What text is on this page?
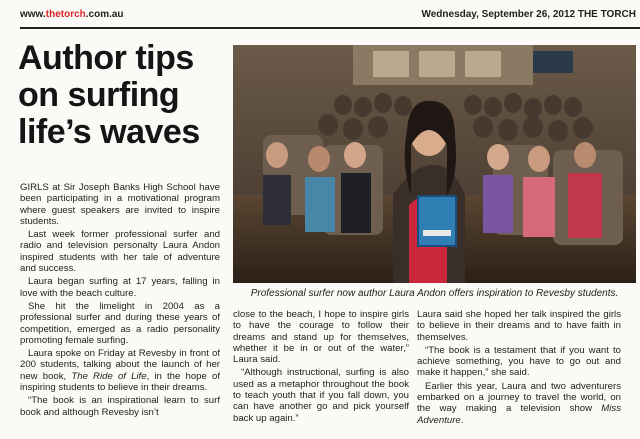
www.thetorch.com.au	Wednesday, September 26, 2012 THE TORCH
Author tips on surfing life’s waves

GIRLS at Sir Joseph Banks High School have been participating in a motivational program where guest speakers are invited to inspire students.

Last week former professional surfer and radio and television personalty Laura Andon inspired students with her tale of adventure and success.

Laura began surfing at 17 years, falling in love with the beach culture.

She hit the limelight in 2004 as a professional surfer and during these years of competition, emerged as a radio personality promoting female surfing.

Laura spoke on Friday at Revesby in front of 200 students, talking about the launch of her new book, The Ride of Life, in the hope of inspiring students to believe in their dreams.

“The book is an inspirational learn to surf book and although Revesby isn’t

Professional surfer now author Laura Andon offers inspiration to Revesby students.

close to the beach, I hope to inspire girls to have the courage to follow their dreams and stand up for themselves, whether it be in or out of the water,” Laura said.

“Although instructional, surfing is also used as a metaphor throughout the book to teach youth that if you fall down, you can have another go and pick yourself back up again.”

Laura said she hoped her talk inspired the girls to believe in their dreams and to have faith in themselves.

“The book is a testament that if you want to achieve something, you have to go out and make it happen,” she said.

Earlier this year, Laura and two adventurers embarked on a journey to travel the world, on the way making a television show Miss Adventure.
